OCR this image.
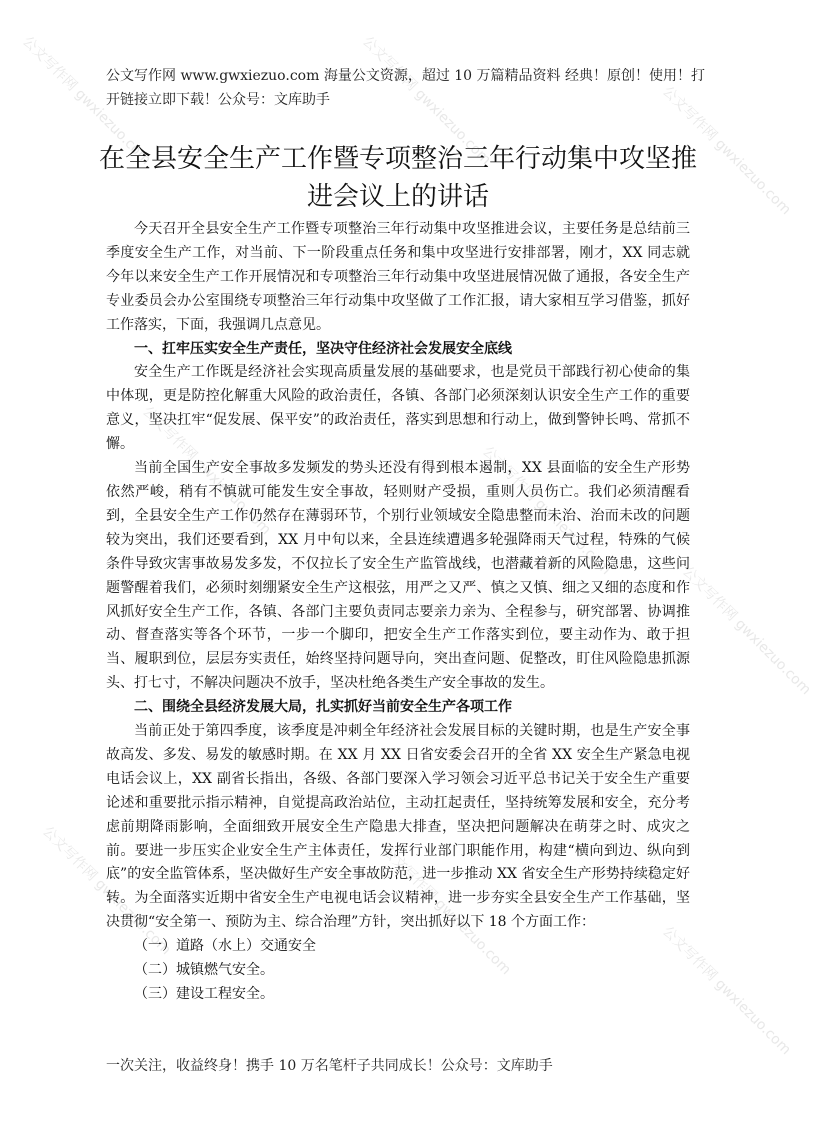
公文写作网 gwxiezuo.com	公文写作网 gwxiezuo.com	公文写作网 gwxiezuo.com
公文写作网 gwxiezuo.com	公文写作网 gwxiezuo.com
公文写作网 gwxiezuo.com
公文写作网 gwxiezuo.com	公文写作网 gwxiezuo.com
公文写作网 gwxiezuo.com
公文写作网 www.gwxiezuo.com 海量公文资源，超过 10 万篇精品资料 经典！原创！使用！打开链接立即下载！公众号：文库助手
在全县安全生产工作暨专项整治三年行动集中攻坚推进会议上的讲话

今天召开全县安全生产工作暨专项整治三年行动集中攻坚推进会议，主要任务是总结前三季度安全生产工作，对当前、下一阶段重点任务和集中攻坚进行安排部署，刚才，XX 同志就今年以来安全生产工作开展情况和专项整治三年行动集中攻坚进展情况做了通报，各安全生产专业委员会办公室围绕专项整治三年行动集中攻坚做了工作汇报，请大家相互学习借鉴，抓好工作落实，下面，我强调几点意见。

一、扛牢压实安全生产责任，坚决守住经济社会发展安全底线

安全生产工作既是经济社会实现高质量发展的基础要求，也是党员干部践行初心使命的集中体现，更是防控化解重大风险的政治责任，各镇、各部门必须深刻认识安全生产工作的重要意义，坚决扛牢“促发展、保平安”的政治责任，落实到思想和行动上，做到警钟长鸣、常抓不懈。

当前全国生产安全事故多发频发的势头还没有得到根本遏制，XX 县面临的安全生产形势依然严峻，稍有不慎就可能发生安全事故，轻则财产受损，重则人员伤亡。我们必须清醒看到，全县安全生产工作仍然存在薄弱环节，个别行业领域安全隐患整而未治、治而未改的问题较为突出，我们还要看到，XX 月中旬以来，全县连续遭遇多轮强降雨天气过程，特殊的气候条件导致灾害事故易发多发，不仅拉长了安全生产监管战线，也潜藏着新的风险隐患，这些问题警醒着我们，必须时刻绷紧安全生产这根弦，用严之又严、慎之又慎、细之又细的态度和作风抓好安全生产工作，各镇、各部门主要负责同志要亲力亲为、全程参与，研究部署、协调推动、督查落实等各个环节，一步一个脚印，把安全生产工作落实到位，要主动作为、敢于担当、履职到位，层层夯实责任，始终坚持问题导向，突出查问题、促整改，盯住风险隐患抓源头、打七寸，不解决问题决不放手，坚决杜绝各类生产安全事故的发生。

二、围绕全县经济发展大局，扎实抓好当前安全生产各项工作

当前正处于第四季度，该季度是冲刺全年经济社会发展目标的关键时期，也是生产安全事故高发、多发、易发的敏感时期。在 XX 月 XX 日省安委会召开的全省 XX 安全生产紧急电视电话会议上，XX 副省长指出，各级、各部门要深入学习领会习近平总书记关于安全生产重要论述和重要批示指示精神，自觉提高政治站位，主动扛起责任，坚持统筹发展和安全，充分考虑前期降雨影响，全面细致开展安全生产隐患大排查，坚决把问题解决在萌芽之时、成灾之前。要进一步压实企业安全生产主体责任，发挥行业部门职能作用，构建“横向到边、纵向到底”的安全监管体系，坚决做好生产安全事故防范，进一步推动 XX 省安全生产形势持续稳定好转。为全面落实近期中省安全生产电视电话会议精神，进一步夯实全县安全生产工作基础，坚决贯彻“安全第一、预防为主、综合治理”方针，突出抓好以下 18 个方面工作：

（一）道路（水上）交通安全

（二）城镇燃气安全。

（三）建设工程安全。

一次关注，收益终身！携手 10 万名笔杆子共同成长！公众号：文库助手
